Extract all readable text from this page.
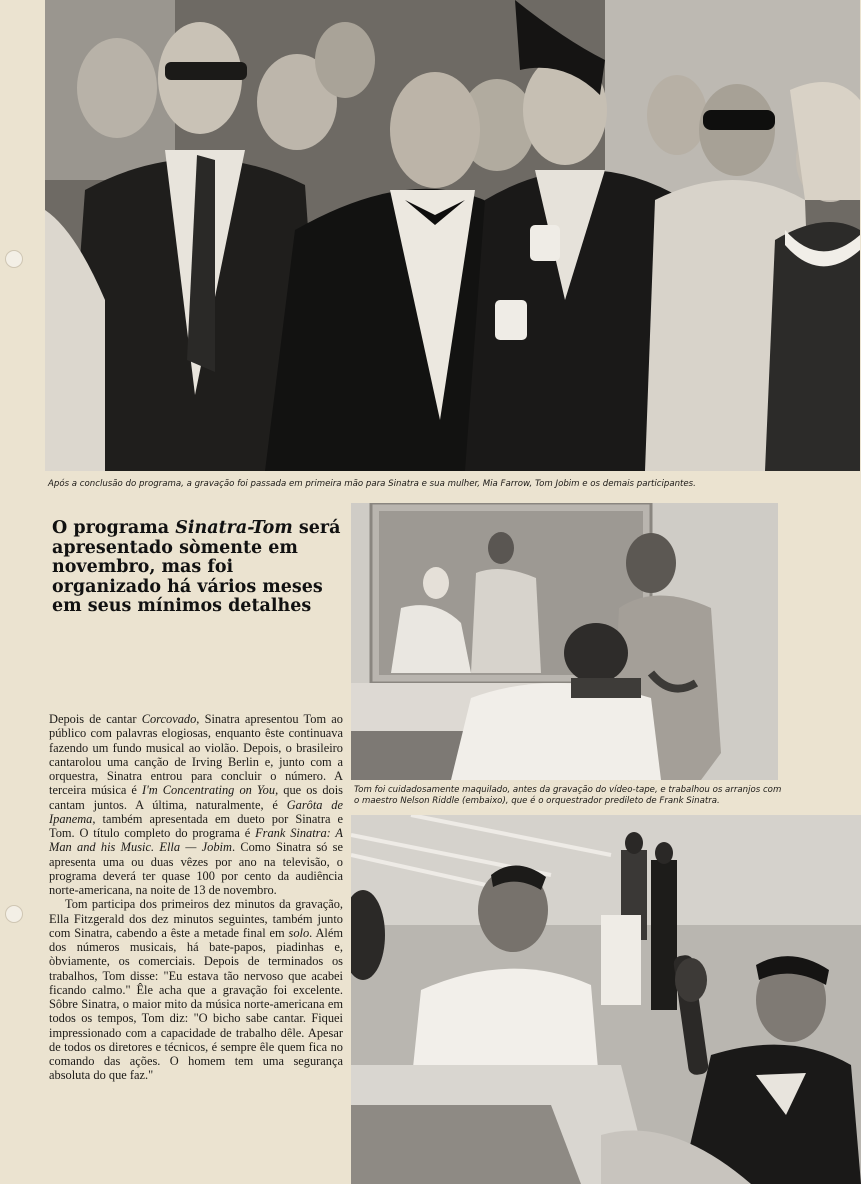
Após a conclusão do programa, a gravação foi passada em primeira mão para Sinatra e sua mulher, Mia Farrow, Tom Jobim e os demais participantes.
O programa Sinatra-Tom será apresentado sòmente em novembro, mas foi organizado há vários meses em seus mínimos detalhes
Tom foi cuidadosamente maquilado, antes da gravação do vídeo-tape, e trabalhou os arranjos com o maestro Nelson Riddle (embaixo), que é o orquestrador predileto de Frank Sinatra.

Depois de cantar Corcovado, Sinatra apresentou Tom ao público com palavras elogiosas, enquanto êste continuava fazendo um fundo musical ao violão. Depois, o brasileiro cantarolou uma canção de Irving Berlin e, junto com a orquestra, Sinatra entrou para concluir o número. A terceira música é I'm Concentrating on You, que os dois cantam juntos. A última, naturalmente, é Garôta de Ipanema, também apresentada em dueto por Sinatra e Tom. O título completo do programa é Frank Sinatra: A Man and his Music. Ella — Jobim. Como Sinatra só se apresenta uma ou duas vêzes por ano na televisão, o programa deverá ter quase 100 por cento da audiência norte-americana, na noite de 13 de novembro.

Tom participa dos primeiros dez minutos da gravação, Ella Fitzgerald dos dez minutos seguintes, também junto com Sinatra, cabendo a êste a metade final em solo. Além dos números musicais, há bate-papos, piadinhas e, òbviamente, os comerciais. Depois de terminados os trabalhos, Tom disse: "Eu estava tão nervoso que acabei ficando calmo." Êle acha que a gravação foi excelente. Sôbre Sinatra, o maior mito da música norte-americana em todos os tempos, Tom diz: "O bicho sabe cantar. Fiquei impressionado com a capacidade de trabalho dêle. Apesar de todos os diretores e técnicos, é sempre êle quem fica no comando das ações. O homem tem uma segurança absoluta do que faz."
